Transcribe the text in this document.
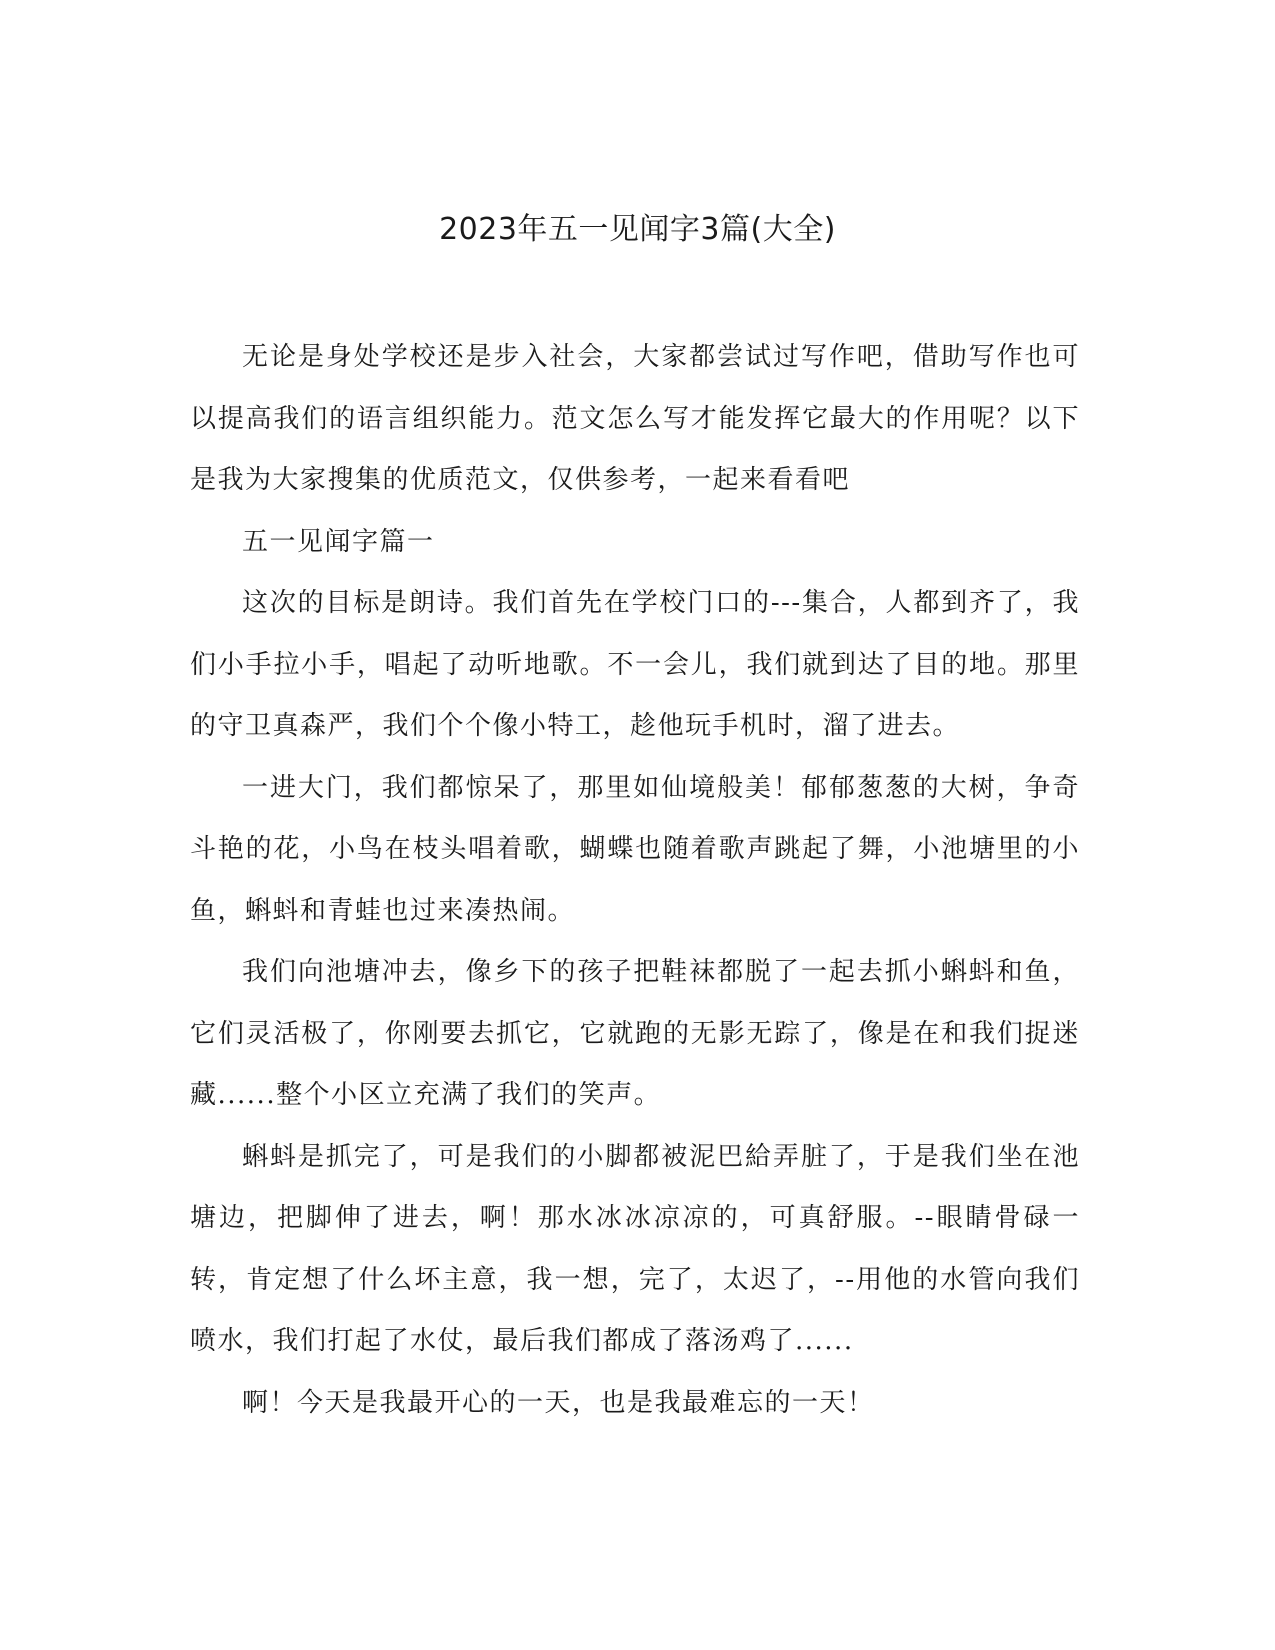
2023年五一见闻字3篇(大全)

无论是身处学校还是步入社会，大家都尝试过写作吧，借助写作也可以提高我们的语言组织能力。范文怎么写才能发挥它最大的作用呢？以下是我为大家搜集的优质范文，仅供参考，一起来看看吧

五一见闻字篇一

这次的目标是朗诗。我们首先在学校门口的---集合，人都到齐了，我们小手拉小手，唱起了动听地歌。不一会儿，我们就到达了目的地。那里的守卫真森严，我们个个像小特工，趁他玩手机时，溜了进去。

一进大门，我们都惊呆了，那里如仙境般美！郁郁葱葱的大树，争奇斗艳的花，小鸟在枝头唱着歌，蝴蝶也随着歌声跳起了舞，小池塘里的小鱼，蝌蚪和青蛙也过来凑热闹。

我们向池塘冲去，像乡下的孩子把鞋袜都脱了一起去抓小蝌蚪和鱼，它们灵活极了，你刚要去抓它，它就跑的无影无踪了，像是在和我们捉迷藏......整个小区立充满了我们的笑声。

蝌蚪是抓完了，可是我们的小脚都被泥巴給弄脏了，于是我们坐在池塘边，把脚伸了进去，啊！那水冰冰凉凉的，可真舒服。--眼睛骨碌一转，肯定想了什么坏主意，我一想，完了，太迟了，--用他的水管向我们喷水，我们打起了水仗，最后我们都成了落汤鸡了......

啊！今天是我最开心的一天，也是我最难忘的一天！
